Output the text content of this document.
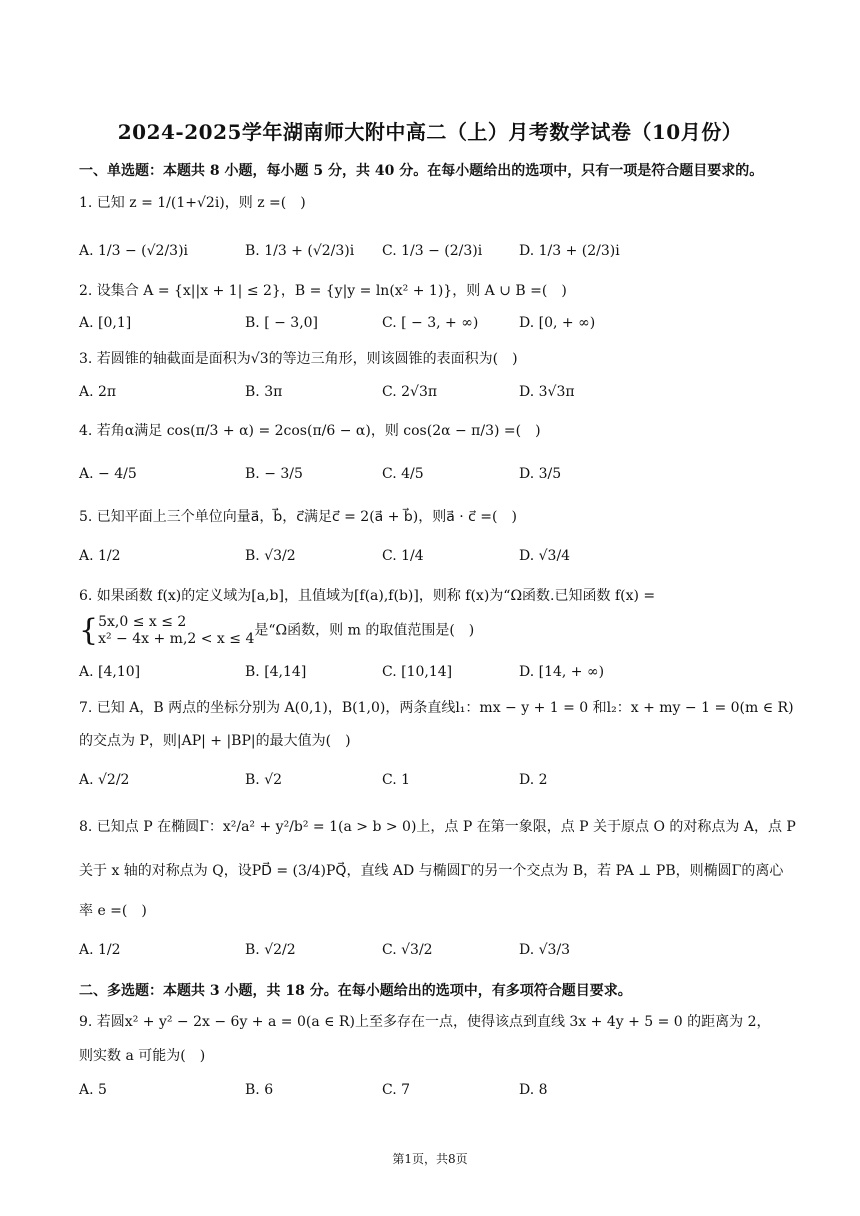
2024-2025学年湖南师大附中高二（上）月考数学试卷（10月份）
一、单选题：本题共 8 小题，每小题 5 分，共 40 分。在每小题给出的选项中，只有一项是符合题目要求的。
1. 已知 z = 1/(1+√2i)，则 z =(　)
A. 1/3 − (√2/3)i	B. 1/3 + (√2/3)i C. 1/3 − (2/3)i	D. 1/3 + (2/3)i
2. 设集合 A = {x||x + 1| ≤ 2}，B = {y|y = ln(x² + 1)}，则 A ∪ B =(　)
A. [0,1]	B. [ − 3,0]	C. [ − 3, + ∞)	D. [0, + ∞)
3. 若圆锥的轴截面是面积为√3的等边三角形，则该圆锥的表面积为(　)
A. 2π	B. 3π	C. 2√3π	D. 3√3π
4. 若角α满足 cos(π/3 + α) = 2cos(π/6 − α)，则 cos(2α − π/3) =(　)
A. − 4/5	B. − 3/5	C. 4/5	D. 3/5
5. 已知平面上三个单位向量a⃗，b⃗，c⃗满足c⃗ = 2(a⃗ + b⃗)，则a⃗ · c⃗ =(　)
A. 1/2	B. √3/2	C. 1/4	D. √3/4
6. 如果函数 f(x)的定义域为[a,b]，且值域为[f(a),f(b)]，则称 f(x)为“Ω函数.已知函数 f(x) =
{ 5x,0 ≤ x ≤ 2
x² − 4x + m,2 < x ≤ 4
是“Ω函数，则 m 的取值范围是(　)
A. [4,10]	B. [4,14]	C. [10,14]	D. [14, + ∞)
7. 已知 A，B 两点的坐标分别为 A(0,1)，B(1,0)，两条直线l₁：mx − y + 1 = 0 和l₂：x + my − 1 = 0(m ∈ R)
的交点为 P，则|AP| + |BP|的最大值为(　)
A. √2/2	B. √2	C. 1	D. 2
8. 已知点 P 在椭圆Γ：x²/a² + y²/b² = 1(a > b > 0)上，点 P 在第一象限，点 P 关于原点 O 的对称点为 A，点 P
关于 x 轴的对称点为 Q，设PD⃗ = (3/4)PQ⃗，直线 AD 与椭圆Γ的另一个交点为 B，若 PA ⊥ PB，则椭圆Γ的离心
率 e =(　)
A. 1/2	B. √2/2	C. √3/2	D. √3/3
二、多选题：本题共 3 小题，共 18 分。在每小题给出的选项中，有多项符合题目要求。
9. 若圆x² + y² − 2x − 6y + a = 0(a ∈ R)上至多存在一点，使得该点到直线 3x + 4y + 5 = 0 的距离为 2，
则实数 a 可能为(　)
A. 5	B. 6	C. 7	D. 8
第1页，共8页
